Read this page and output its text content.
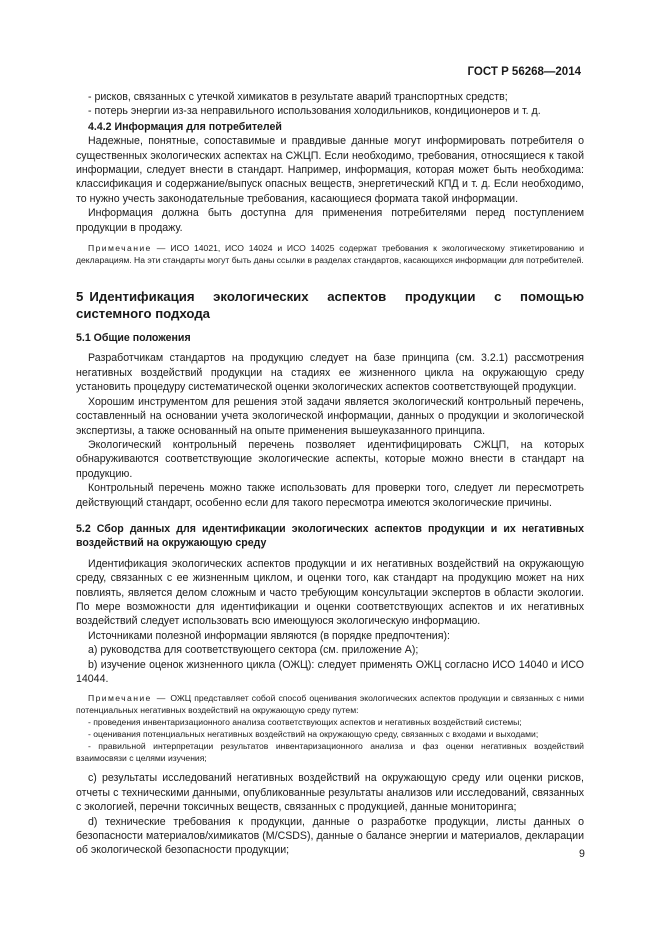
ГОСТ Р 56268—2014

- рисков, связанных с утечкой химикатов в результате аварий транспортных средств;

- потерь энергии из-за неправильного использования холодильников, кондиционеров и т. д.

4.4.2 Информация для потребителей

Надежные, понятные, сопоставимые и правдивые данные могут информировать потребителя о существенных экологических аспектах на СЖЦП. Если необходимо, требования, относящиеся к такой информации, следует внести в стандарт. Например, информация, которая может быть необходима: классификация и содержание/выпуск опасных веществ, энергетический КПД и т. д. Если необходимо, то нужно учесть законодательные требования, касающиеся формата такой информации.

Информация должна быть доступна для применения потребителями перед поступлением продукции в продажу.

Примечание — ИСО 14021, ИСО 14024 и ИСО 14025 содержат требования к экологическому этикетированию и декларациям. На эти стандарты могут быть даны ссылки в разделах стандартов, касающихся информации для потребителей.

5 Идентификация экологических аспектов продукции с помощью системного подхода

5.1 Общие положения

Разработчикам стандартов на продукцию следует на базе принципа (см. 3.2.1) рассмотрения негативных воздействий продукции на стадиях ее жизненного цикла на окружающую среду установить процедуру систематической оценки экологических аспектов соответствующей продукции.

Хорошим инструментом для решения этой задачи является экологический контрольный перечень, составленный на основании учета экологической информации, данных о продукции и экологической экспертизы, а также основанный на опыте применения вышеуказанного принципа.

Экологический контрольный перечень позволяет идентифицировать СЖЦП, на которых обнаруживаются соответствующие экологические аспекты, которые можно внести в стандарт на продукцию.

Контрольный перечень можно также использовать для проверки того, следует ли пересмотреть действующий стандарт, особенно если для такого пересмотра имеются экологические причины.

5.2 Сбор данных для идентификации экологических аспектов продукции и их негативных воздействий на окружающую среду

Идентификация экологических аспектов продукции и их негативных воздействий на окружающую среду, связанных с ее жизненным циклом, и оценки того, как стандарт на продукцию может на них повлиять, является делом сложным и часто требующим консультации экспертов в области экологии. По мере возможности для идентификации и оценки соответствующих аспектов и их негативных воздействий следует использовать всю имеющуюся экологическую информацию.

Источниками полезной информации являются (в порядке предпочтения):

a) руководства для соответствующего сектора (см. приложение А);

b) изучение оценок жизненного цикла (ОЖЦ): следует применять ОЖЦ согласно ИСО 14040 и ИСО 14044.

Примечание — ОЖЦ представляет собой способ оценивания экологических аспектов продукции и связанных с ними потенциальных негативных воздействий на окружающую среду путем:

- проведения инвентаризационного анализа соответствующих аспектов и негативных воздействий системы;

- оценивания потенциальных негативных воздействий на окружающую среду, связанных с входами и выходами;

- правильной интерпретации результатов инвентаризационного анализа и фаз оценки негативных воздействий взаимосвязи с целями изучения;

c) результаты исследований негативных воздействий на окружающую среду или оценки рисков, отчеты с техническими данными, опубликованные результаты анализов или исследований, связанных с экологией, перечни токсичных веществ, связанных с продукцией, данные мониторинга;

d) технические требования к продукции, данные о разработке продукции, листы данных о безопасности материалов/химикатов (M/CSDS), данные о балансе энергии и материалов, декларации об экологической безопасности продукции;	9
